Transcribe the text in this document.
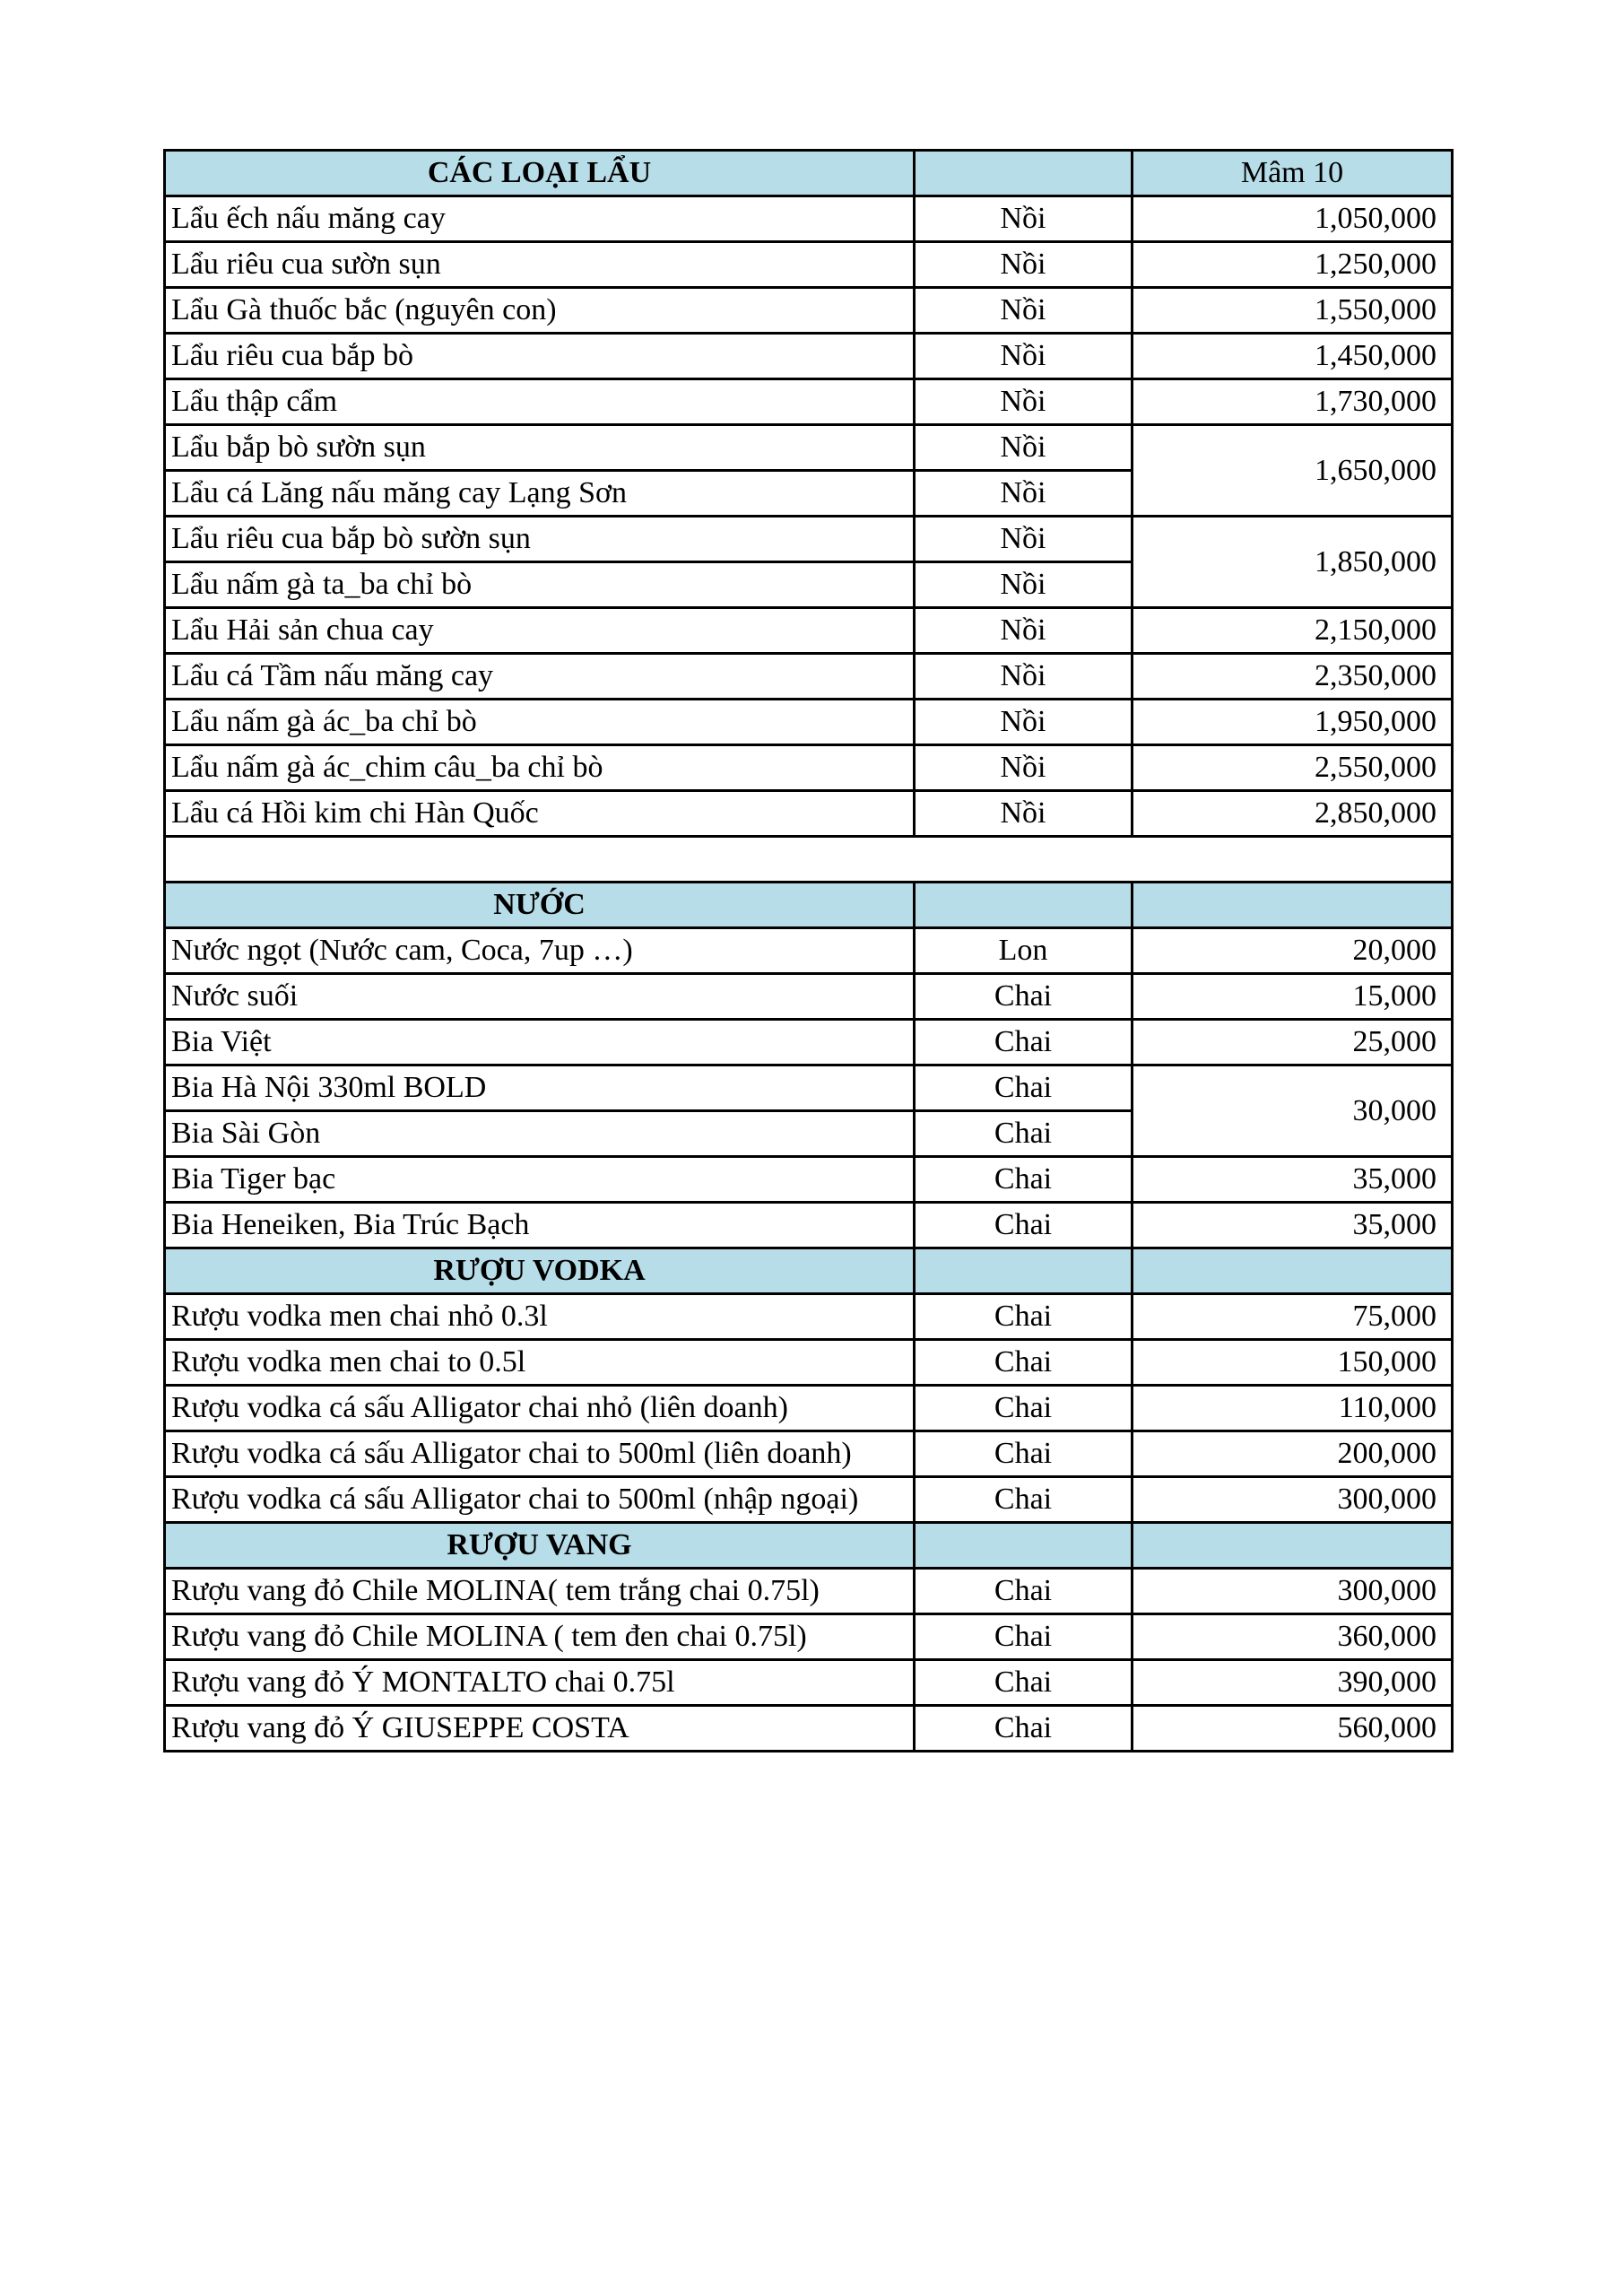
CÁC LOẠI LẨU		Mâm 10
Lẩu ếch nấu măng cay	Nồi	1,050,000
Lẩu riêu cua sườn sụn	Nồi	1,250,000
Lẩu Gà thuốc bắc (nguyên con)	Nồi	1,550,000
Lẩu riêu cua bắp bò	Nồi	1,450,000
Lẩu thập cẩm	Nồi	1,730,000
Lẩu bắp bò sườn sụn	Nồi	1,650,000
Lẩu cá Lăng nấu măng cay Lạng Sơn	Nồi	
Lẩu riêu cua bắp bò sườn sụn	Nồi	1,850,000
Lẩu nấm gà ta_ba chỉ bò	Nồi	
Lẩu Hải sản chua cay	Nồi	2,150,000
Lẩu cá Tầm nấu măng cay	Nồi	2,350,000
Lẩu nấm gà ác_ba chỉ bò	Nồi	1,950,000
Lẩu nấm gà ác_chim câu_ba chỉ bò	Nồi	2,550,000
Lẩu cá Hồi kim chi Hàn Quốc	Nồi	2,850,000

NƯỚC		
Nước ngọt (Nước cam, Coca, 7up …)	Lon	20,000
Nước suối	Chai	15,000
Bia Việt	Chai	25,000
Bia Hà Nội 330ml BOLD	Chai	30,000
Bia Sài Gòn	Chai	
Bia Tiger bạc	Chai	35,000
Bia Heneiken, Bia Trúc Bạch	Chai	35,000
RƯỢU VODKA		
Rượu vodka men chai nhỏ 0.3l	Chai	75,000
Rượu vodka men chai to 0.5l	Chai	150,000
Rượu vodka cá sấu Alligator chai nhỏ (liên doanh)	Chai	110,000
Rượu vodka cá sấu Alligator chai to 500ml (liên doanh)	Chai	200,000
Rượu vodka cá sấu Alligator chai to 500ml (nhập ngoại)	Chai	300,000
RƯỢU VANG		
Rượu vang đỏ Chile MOLINA( tem trắng chai 0.75l)	Chai	300,000
Rượu vang đỏ Chile MOLINA ( tem đen chai 0.75l)	Chai	360,000
Rượu vang đỏ Ý MONTALTO chai 0.75l	Chai	390,000
Rượu vang đỏ Ý GIUSEPPE COSTA	Chai	560,000
